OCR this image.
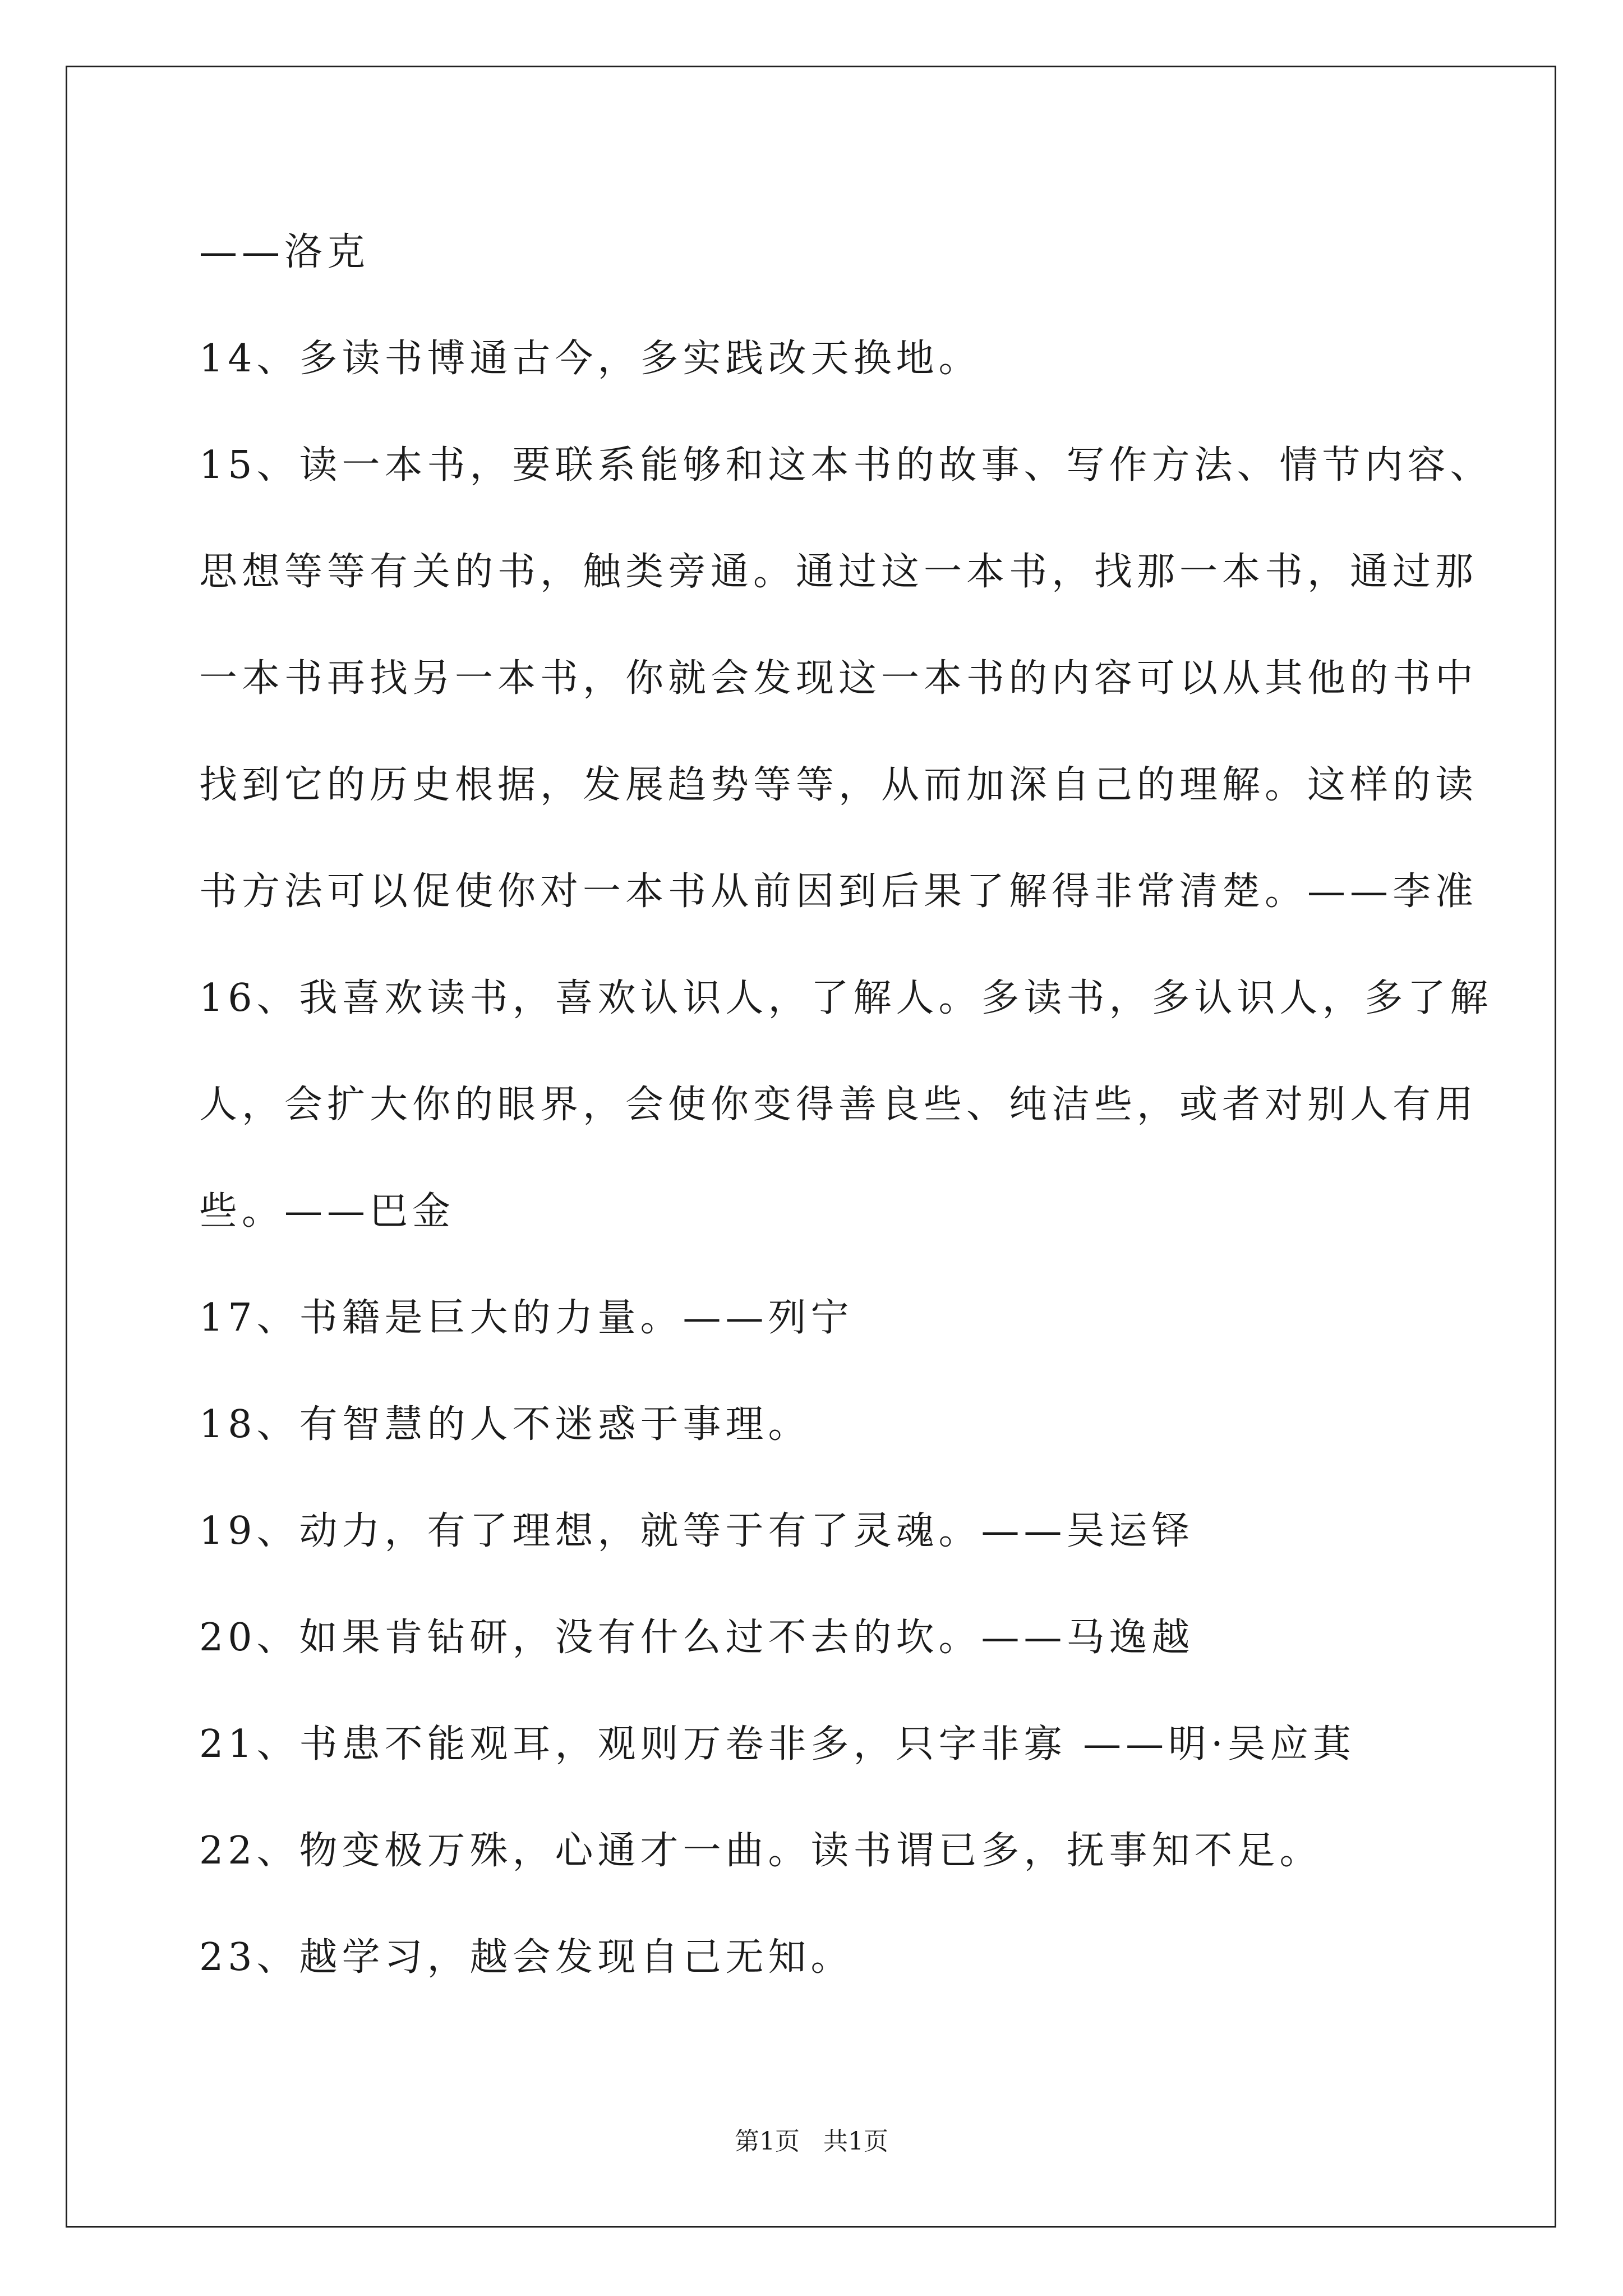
——洛克
14、多读书博通古今，多实践改天换地。
15、读一本书，要联系能够和这本书的故事、写作方法、情节内容、
思想等等有关的书，触类旁通。通过这一本书，找那一本书，通过那
一本书再找另一本书，你就会发现这一本书的内容可以从其他的书中
找到它的历史根据，发展趋势等等，从而加深自己的理解。这样的读
书方法可以促使你对一本书从前因到后果了解得非常清楚。——李准
16、我喜欢读书，喜欢认识人，了解人。多读书，多认识人，多了解
人，会扩大你的眼界，会使你变得善良些、纯洁些，或者对别人有用
些。——巴金
17、书籍是巨大的力量。——列宁
18、有智慧的人不迷惑于事理。
19、动力，有了理想，就等于有了灵魂。——吴运铎
20、如果肯钻研，没有什么过不去的坎。——马逸越
21、书患不能观耳，观则万卷非多，只字非寡 ——明·吴应萁
22、物变极万殊，心通才一曲。读书谓已多，抚事知不足。
23、越学习，越会发现自己无知。
第1页   共1页
